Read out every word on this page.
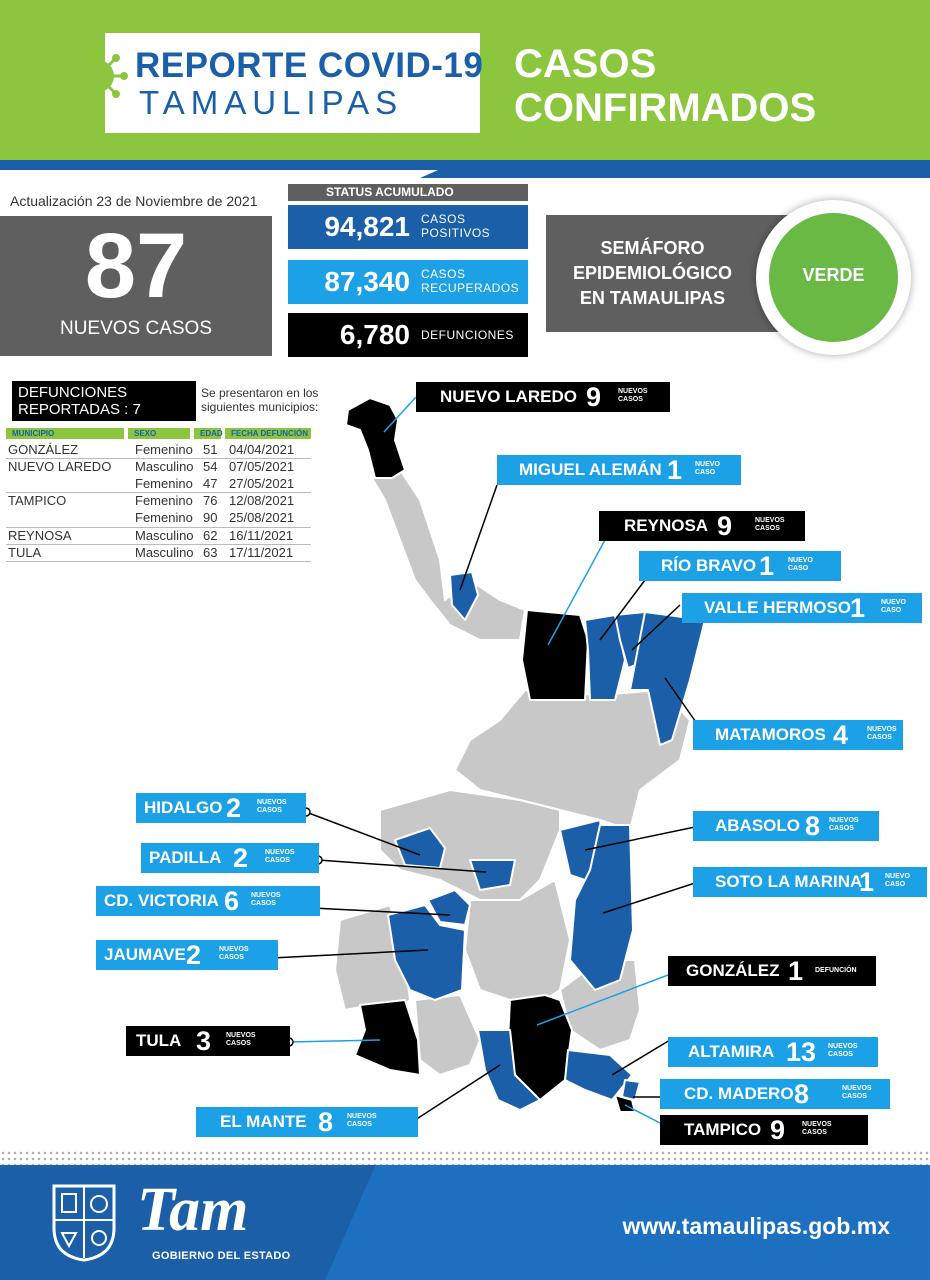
REPORTE COVID-19
TAMAULIPAS
CASOS
CONFIRMADOS
Actualización 23 de Noviembre de 2021
87
NUEVOS CASOS
STATUS ACUMULADO
94,821 CASOS
POSITIVOS
87,340 CASOS
RECUPERADOS
6,780 DEFUNCIONES
SEMÁFORO
EPIDEMIOLÓGICO
EN TAMAULIPAS
VERDE
DEFUNCIONES
REPORTADAS : 7
Se presentaron en los
siguientes municipios:
MUNICIPIO	SEXO	EDAD	FECHA DEFUNCIÓN
GONZÁLEZ	Femenino 51 04/04/2021
NUEVO LAREDO Masculino 54 07/05/2021
Femenino 47 27/05/2021
TAMPICO	Femenino 76 12/08/2021
Femenino 90 25/08/2021
REYNOSA	Masculino 62 16/11/2021
TULA	Masculino 63 17/11/2021
NUEVO LAREDO 9 NUEVOS
CASOS
MIGUEL ALEMÁN 1 NUEVO
CASO
REYNOSA 9	NUEVOS
CASOS
RÍO BRAVO 1 NUEVO
CASO
VALLE HERMOSO
1 NUEVO
CASO
MATAMOROS 4	NUEVOS
CASOS
HIDALGO 2 NUEVOS
CASOS
PADILLA 2 NUEVOS
CASOS
CD. VICTORIA 6 NUEVOS
CASOS
JAUMAVE 2	NUEVOS
CASOS
TULA 3 NUEVOS
CASOS
EL MANTE 8 NUEVOS
CASOS
ABASOLO 8 NUEVOS
CASOS
SOTO LA MARINA
1 NUEVO
CASO
GONZÁLEZ 1 DEFUNCIÓN
ALTAMIRA 13 NUEVOS
CASOS
CD. MADERO 8	NUEVOS
CASOS
TAMPICO 9 NUEVOS
CASOS
Tam
GOBIERNO DEL ESTADO
www.tamaulipas.gob.mx
